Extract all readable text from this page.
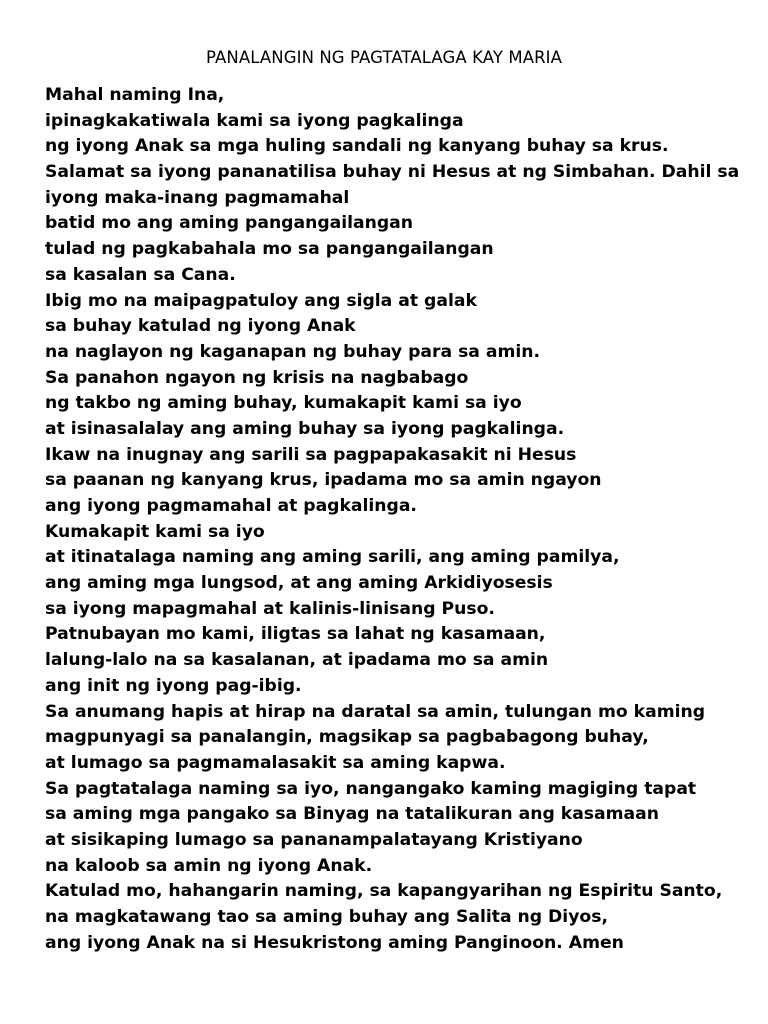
PANALANGIN NG PAGTATALAGA KAY MARIA
Mahal naming Ina,
ipinagkakatiwala kami sa iyong pagkalinga
ng iyong Anak sa mga huling sandali ng kanyang buhay sa krus.
Salamat sa iyong pananatilisa buhay ni Hesus at ng Simbahan. Dahil sa
iyong maka-inang pagmamahal
batid mo ang aming pangangailangan
tulad ng pagkabahala mo sa pangangailangan
sa kasalan sa Cana.
Ibig mo na maipagpatuloy ang sigla at galak
sa buhay katulad ng iyong Anak
na naglayon ng kaganapan ng buhay para sa amin.
Sa panahon ngayon ng krisis na nagbabago
ng takbo ng aming buhay, kumakapit kami sa iyo
at isinasalalay ang aming buhay sa iyong pagkalinga.
Ikaw na inugnay ang sarili sa pagpapakasakit ni Hesus
sa paanan ng kanyang krus, ipadama mo sa amin ngayon
ang iyong pagmamahal at pagkalinga.
Kumakapit kami sa iyo
at itinatalaga naming ang aming sarili, ang aming pamilya,
ang aming mga lungsod, at ang aming Arkidiyosesis
sa iyong mapagmahal at kalinis-linisang Puso.
Patnubayan mo kami, iligtas sa lahat ng kasamaan,
lalung-lalo na sa kasalanan, at ipadama mo sa amin
ang init ng iyong pag-ibig.
Sa anumang hapis at hirap na daratal sa amin, tulungan mo kaming
magpunyagi sa panalangin, magsikap sa pagbabagong buhay,
at lumago sa pagmamalasakit sa aming kapwa.
Sa pagtatalaga naming sa iyo, nangangako kaming magiging tapat
sa aming mga pangako sa Binyag na tatalikuran ang kasamaan
at sisikaping lumago sa pananampalatayang Kristiyano
na kaloob sa amin ng iyong Anak.
Katulad mo, hahangarin naming, sa kapangyarihan ng Espiritu Santo,
na magkatawang tao sa aming buhay ang Salita ng Diyos,
ang iyong Anak na si Hesukristong aming Panginoon. Amen
